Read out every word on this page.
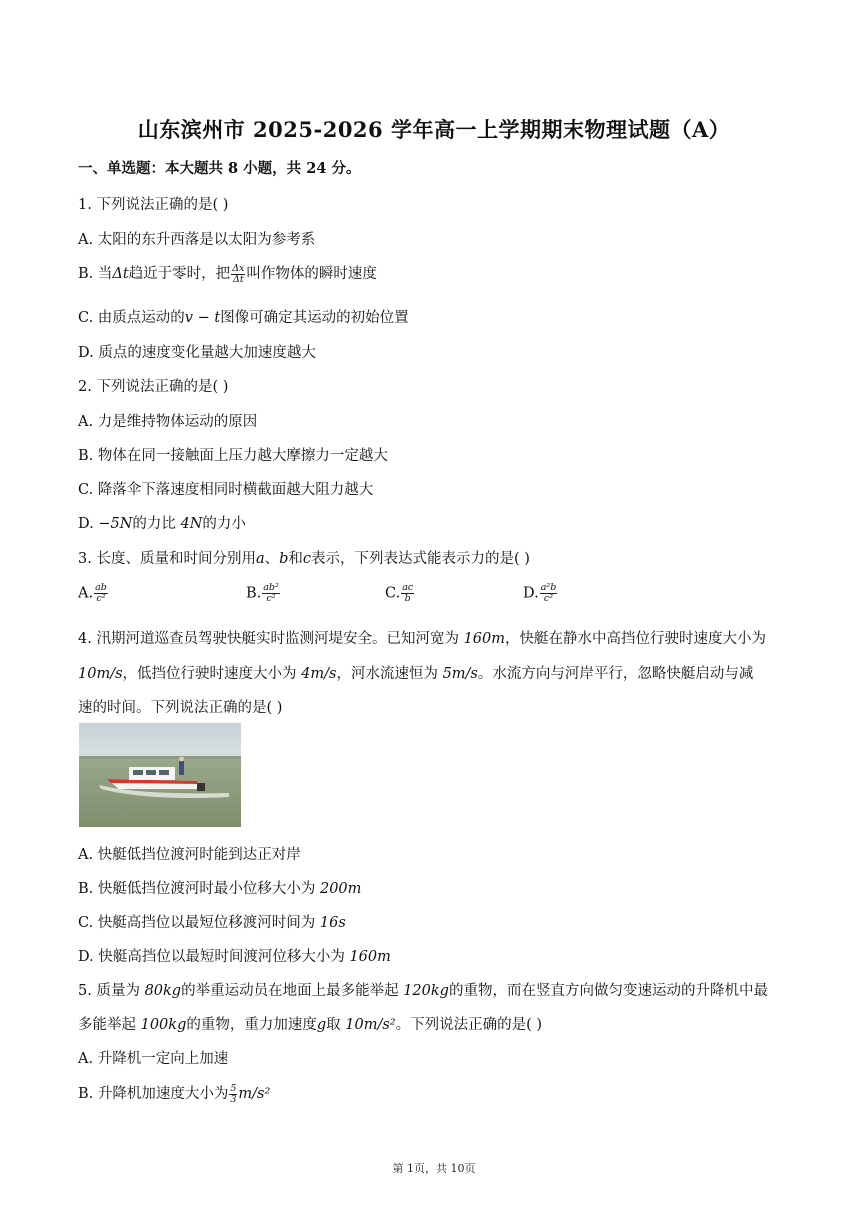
山东滨州市 2025-2026 学年高一上学期期末物理试题（A）
一、单选题：本大题共 8 小题，共 24 分。
1. 下列说法正确的是( )
A. 太阳的东升西落是以太阳为参考系
B. 当Δt趋近于零时，把 $\frac{\Delta x}{\Delta t}$ 叫作物体的瞬时速度
C. 由质点运动的v − t图像可确定其运动的初始位置
D. 质点的速度变化量越大加速度越大
2. 下列说法正确的是( )
A. 力是维持物体运动的原因
B. 物体在同一接触面上压力越大摩擦力一定越大
C. 降落伞下落速度相同时横截面越大阻力越大
D. −5N的力比 4N的力小
3. 长度、质量和时间分别用a、b和c表示，下列表达式能表示力的是( )
A. $\frac{ab}{\text{c²}}$	B. $\frac{\text{ab²}}{\text{c²}}$	C. $\frac{ac}{b}$	D. $\frac{\text{a²b}}{\text{c²}}$
4. 汛期河道巡查员驾驶快艇实时监测河堤安全。已知河宽为 160m，快艇在静水中高挡位行驶时速度大小为
10m/s，低挡位行驶时速度大小为 4m/s，河水流速恒为 5m/s。水流方向与河岸平行，忽略快艇启动与减
速的时间。下列说法正确的是( )
A. 快艇低挡位渡河时能到达正对岸
B. 快艇低挡位渡河时最小位移大小为 200m
C. 快艇高挡位以最短位移渡河时间为 16s
D. 快艇高挡位以最短时间渡河位移大小为 160m
5. 质量为 80kg的举重运动员在地面上最多能举起 120kg的重物，而在竖直方向做匀变速运动的升降机中最
多能举起 100kg的重物，重力加速度g取 10m/s²。下列说法正确的是( )
A. 升降机一定向上加速
B. 升降机加速度大小为 $\frac{5}{3} m/s^2$
第 1页，共 10页
